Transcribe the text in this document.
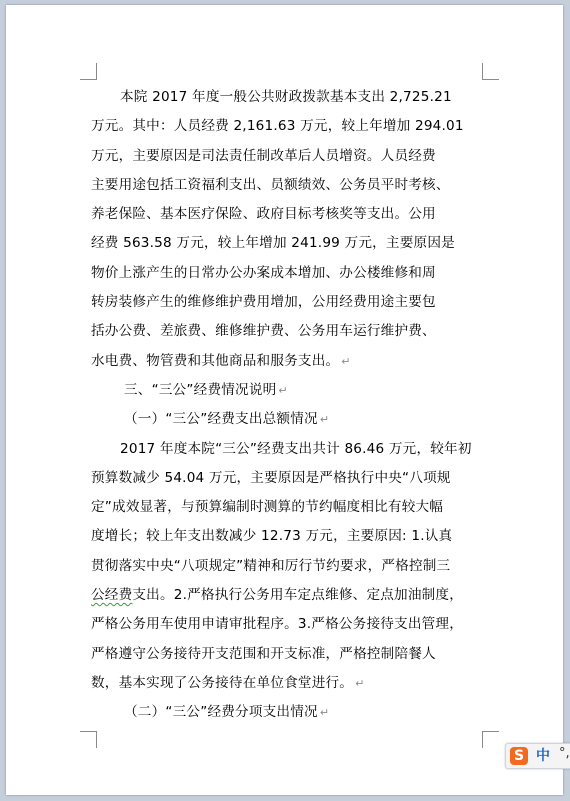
本院 2017 年度一般公共财政拨款基本支出 2,725.21
万元。其中：人员经费 2,161.63 万元，较上年增加 294.01
万元，主要原因是司法责任制改革后人员增资。人员经费
主要用途包括工资福利支出、员额绩效、公务员平时考核、
养老保险、基本医疗保险、政府目标考核奖等支出。公用
经费 563.58 万元，较上年增加 241.99 万元，主要原因是
物价上涨产生的日常办公办案成本增加、办公楼维修和周
转房装修产生的维修维护费用增加，公用经费用途主要包
括办公费、差旅费、维修维护费、公务用车运行维护费、
水电费、物管费和其他商品和服务支出。 ↵
三、“三公”经费情况说明 ↵
（一）“三公”经费支出总额情况 ↵
2017 年度本院“三公”经费支出共计 86.46 万元，较年初
预算数减少 54.04 万元，主要原因是严格执行中央“八项规
定”成效显著，与预算编制时测算的节约幅度相比有较大幅
度增长；较上年支出数减少 12.73 万元，主要原因: 1.认真
贯彻落实中央“八项规定”精神和厉行节约要求，严格控制三
公经费支出。2.严格执行公务用车定点维修、定点加油制度，
严格公务用车使用申请审批程序。3.严格公务接待支出管理，
严格遵守公务接待开支范围和开支标准，严格控制陪餐人
数，基本实现了公务接待在单位食堂进行。 ↵
（二）“三公”经费分项支出情况 ↵
S 中 °,
